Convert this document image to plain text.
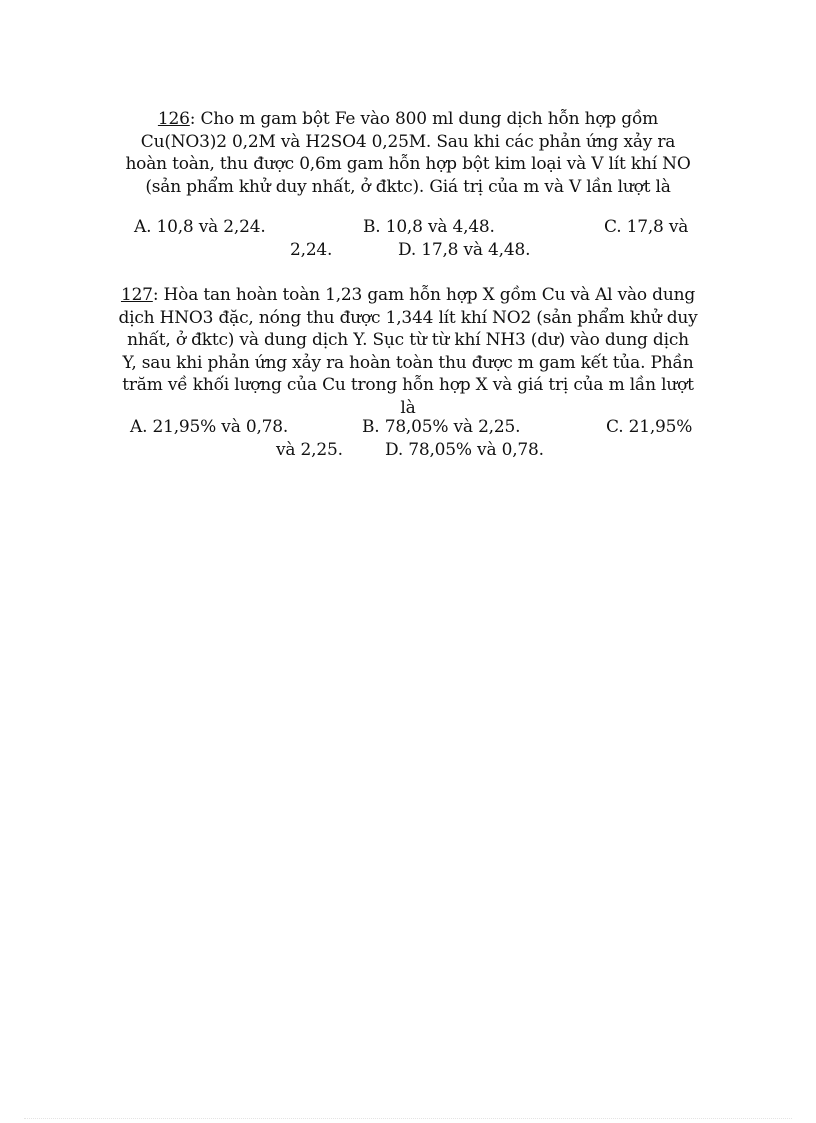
126: Cho m gam bột Fe vào 800 ml dung dịch hỗn hợp gồm Cu(NO3)2 0,2M và H2SO4 0,25M. Sau khi các phản ứng xảy ra hoàn toàn, thu được 0,6m gam hỗn hợp bột kim loại và V lít khí NO (sản phẩm khử duy nhất, ở đktc). Giá trị của m và V lần lượt là

A. 10,8 và 2,24.	B. 10,8 và 4,48.	C. 17,8 và
2,24.	D. 17,8 và 4,48.

127: Hòa tan hoàn toàn 1,23 gam hỗn hợp X gồm Cu và Al vào dung dịch HNO3 đặc, nóng thu được 1,344 lít khí NO2 (sản phẩm khử duy nhất, ở đktc) và dung dịch Y. Sục từ từ khí NH3 (dư) vào dung dịch Y, sau khi phản ứng xảy ra hoàn toàn thu được m gam kết tủa. Phần trăm về khối lượng của Cu trong hỗn hợp X và giá trị của m lần lượt là

A. 21,95% và 0,78.	B. 78,05% và 2,25.	C. 21,95%
và 2,25. D. 78,05% và 0,78.
